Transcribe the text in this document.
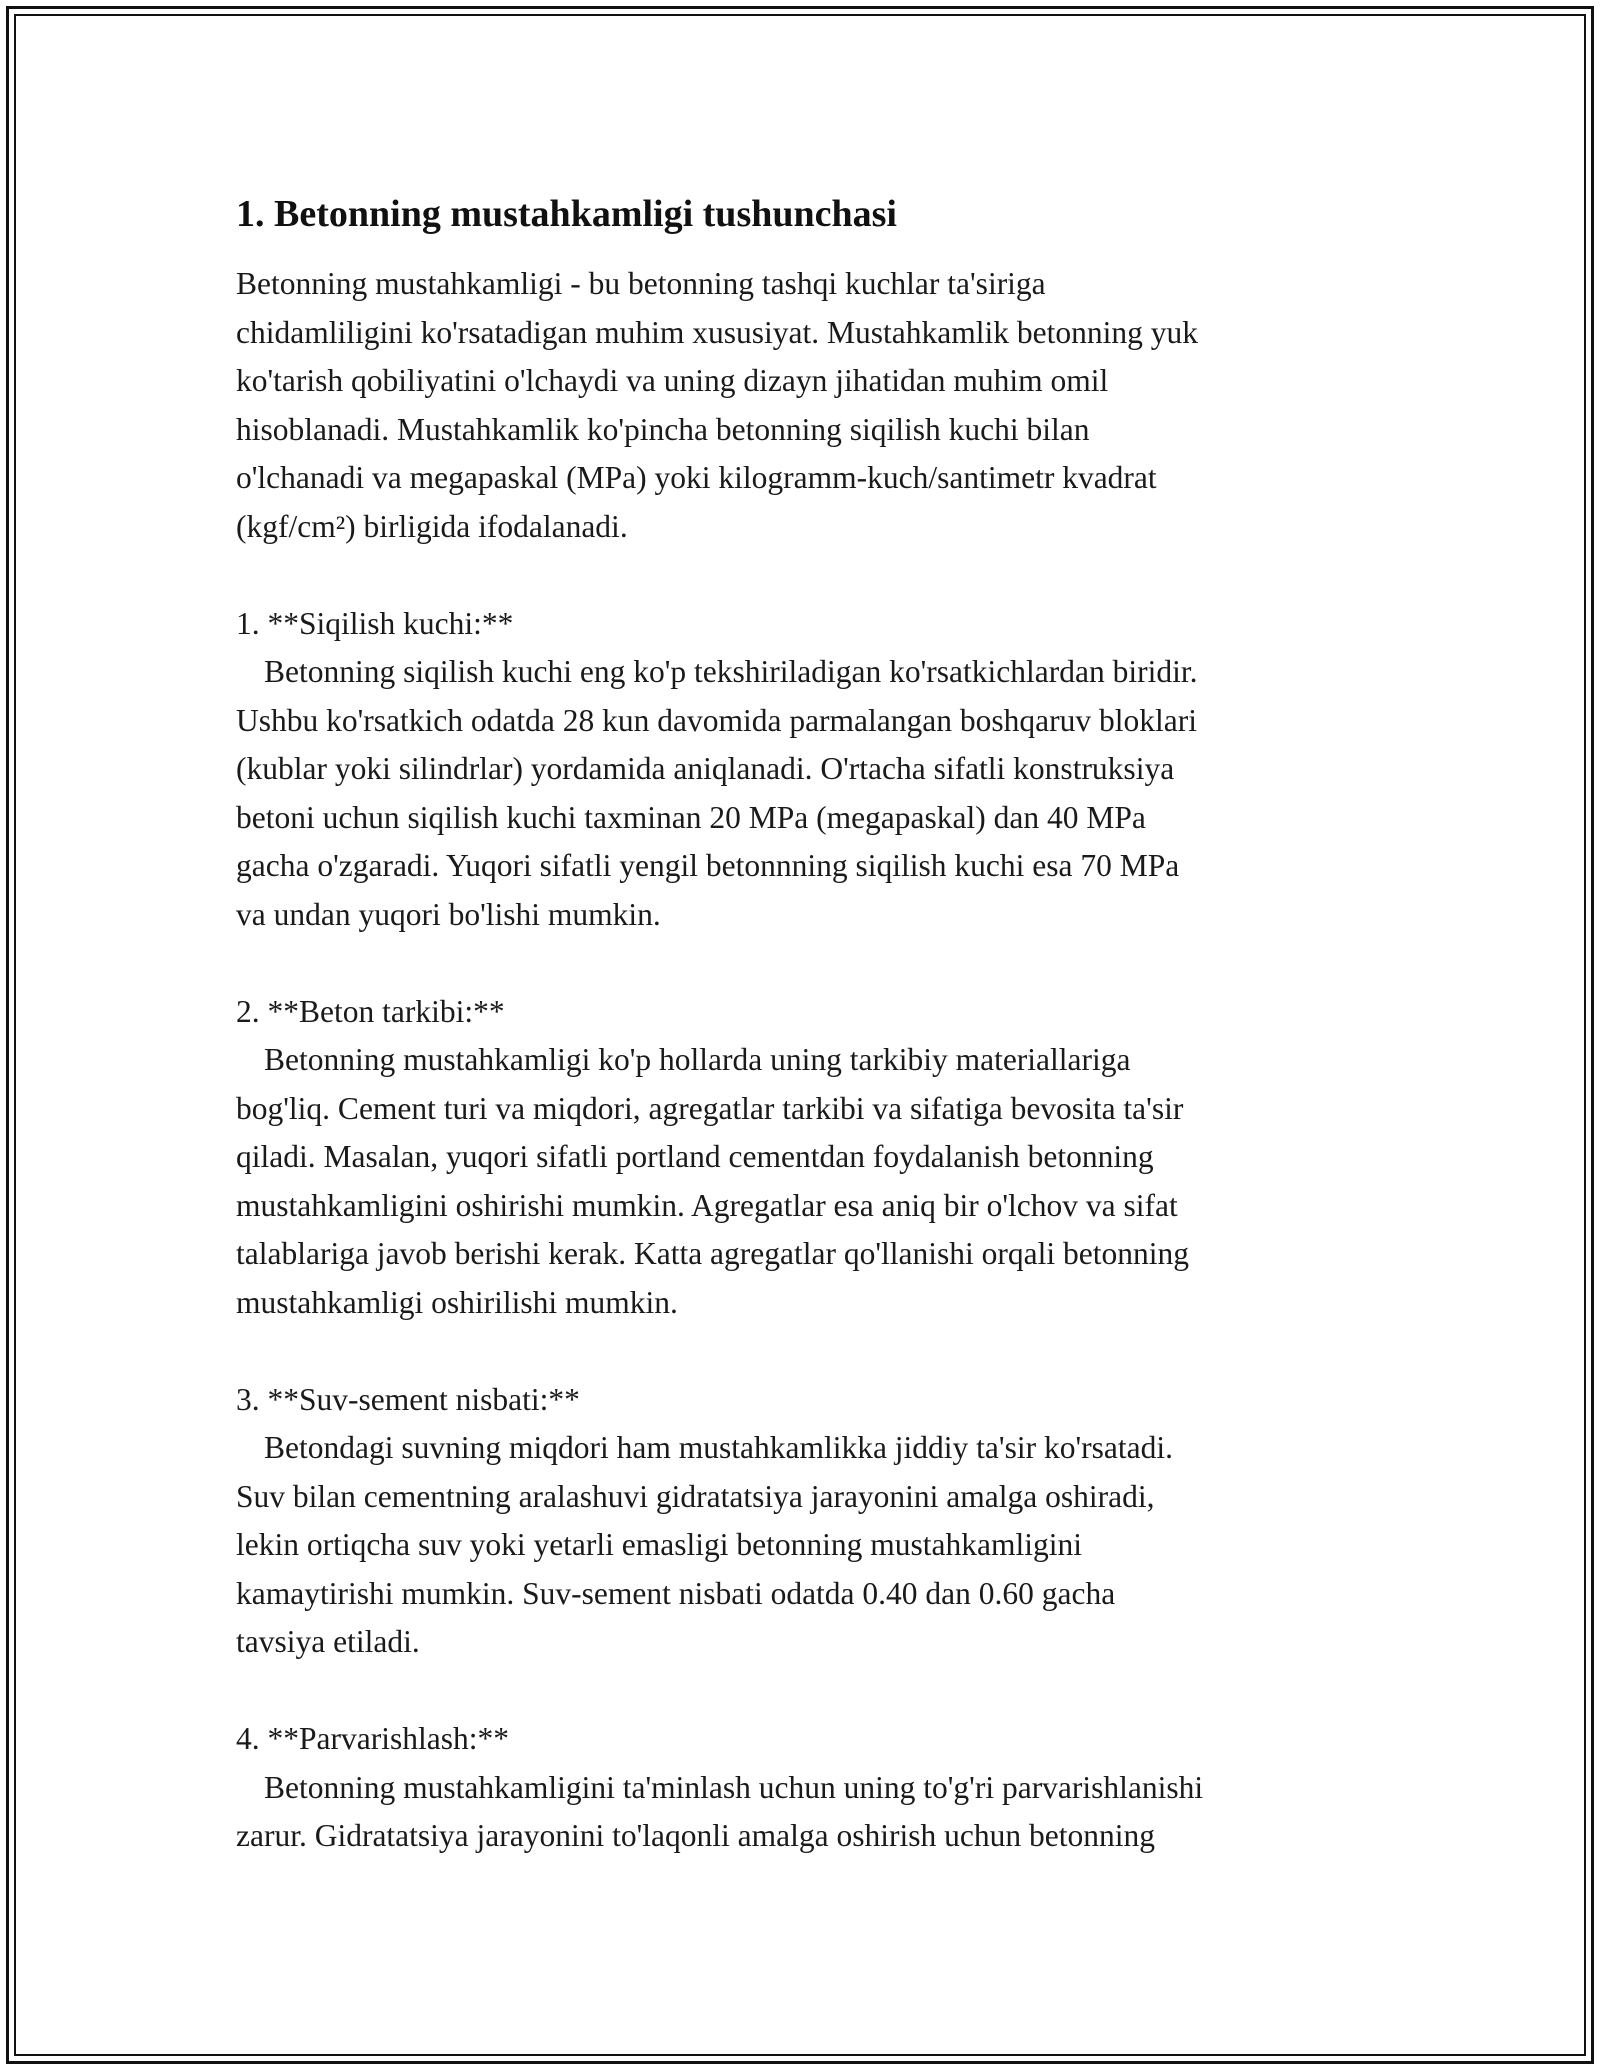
1. Betonning mustahkamligi tushunchasi

Betonning mustahkamligi - bu betonning tashqi kuchlar ta'siriga

chidamliligini ko'rsatadigan muhim xususiyat. Mustahkamlik betonning yuk

ko'tarish qobiliyatini o'lchaydi va uning dizayn jihatidan muhim omil

hisoblanadi. Mustahkamlik ko'pincha betonning siqilish kuchi bilan

o'lchanadi va megapaskal (MPa) yoki kilogramm-kuch/santimetr kvadrat

(kgf/cm²) birligida ifodalanadi.

1. **Siqilish kuchi:**

Betonning siqilish kuchi eng ko'p tekshiriladigan ko'rsatkichlardan biridir.

Ushbu ko'rsatkich odatda 28 kun davomida parmalangan boshqaruv bloklari

(kublar yoki silindrlar) yordamida aniqlanadi. O'rtacha sifatli konstruksiya

betoni uchun siqilish kuchi taxminan 20 MPa (megapaskal) dan 40 MPa

gacha o'zgaradi. Yuqori sifatli yengil betonnning siqilish kuchi esa 70 MPa

va undan yuqori bo'lishi mumkin.

2. **Beton tarkibi:**

Betonning mustahkamligi ko'p hollarda uning tarkibiy materiallariga

bog'liq. Cement turi va miqdori, agregatlar tarkibi va sifatiga bevosita ta'sir

qiladi. Masalan, yuqori sifatli portland cementdan foydalanish betonning

mustahkamligini oshirishi mumkin. Agregatlar esa aniq bir o'lchov va sifat

talablariga javob berishi kerak. Katta agregatlar qo'llanishi orqali betonning

mustahkamligi oshirilishi mumkin.

3. **Suv-sement nisbati:**

Betondagi suvning miqdori ham mustahkamlikka jiddiy ta'sir ko'rsatadi.

Suv bilan cementning aralashuvi gidratatsiya jarayonini amalga oshiradi,

lekin ortiqcha suv yoki yetarli emasligi betonning mustahkamligini

kamaytirishi mumkin. Suv-sement nisbati odatda 0.40 dan 0.60 gacha

tavsiya etiladi.

4. **Parvarishlash:**

Betonning mustahkamligini ta'minlash uchun uning to'g'ri parvarishlanishi

zarur. Gidratatsiya jarayonini to'laqonli amalga oshirish uchun betonning
